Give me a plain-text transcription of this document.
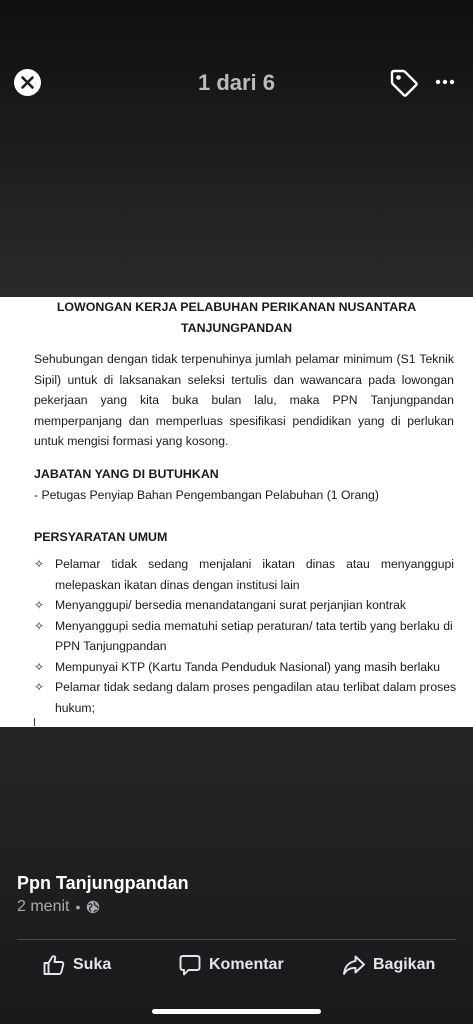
1 dari 6
LOWONGAN KERJA PELABUHAN PERIKANAN NUSANTARA
TANJUNGPANDAN
Sehubungan dengan tidak terpenuhinya jumlah pelamar minimum (S1 Teknik
Sipil) untuk di laksanakan seleksi tertulis dan wawancara pada lowongan
pekerjaan yang kita buka bulan lalu, maka PPN Tanjungpandan
memperpanjang dan memperluas spesifikasi pendidikan yang di perlukan
untuk mengisi formasi yang kosong.
JABATAN YANG DI BUTUHKAN
- Petugas Penyiap Bahan Pengembangan Pelabuhan (1 Orang)
PERSYARATAN UMUM
✧ Pelamar tidak sedang menjalani ikatan dinas atau menyanggupi
melepaskan ikatan dinas dengan institusi lain
✧ Menyanggupi/ bersedia menandatangani surat perjanjian kontrak
✧ Menyanggupi sedia mematuhi setiap peraturan/ tata tertib yang berlaku di
PPN Tanjungpandan
✧ Mempunyai KTP (Kartu Tanda Penduduk Nasional) yang masih berlaku
✧ Pelamar tidak sedang dalam proses pengadilan atau terlibat dalam proses
hukum;
Ppn Tanjungpandan
2 menit •
Suka	Komentar	Bagikan
